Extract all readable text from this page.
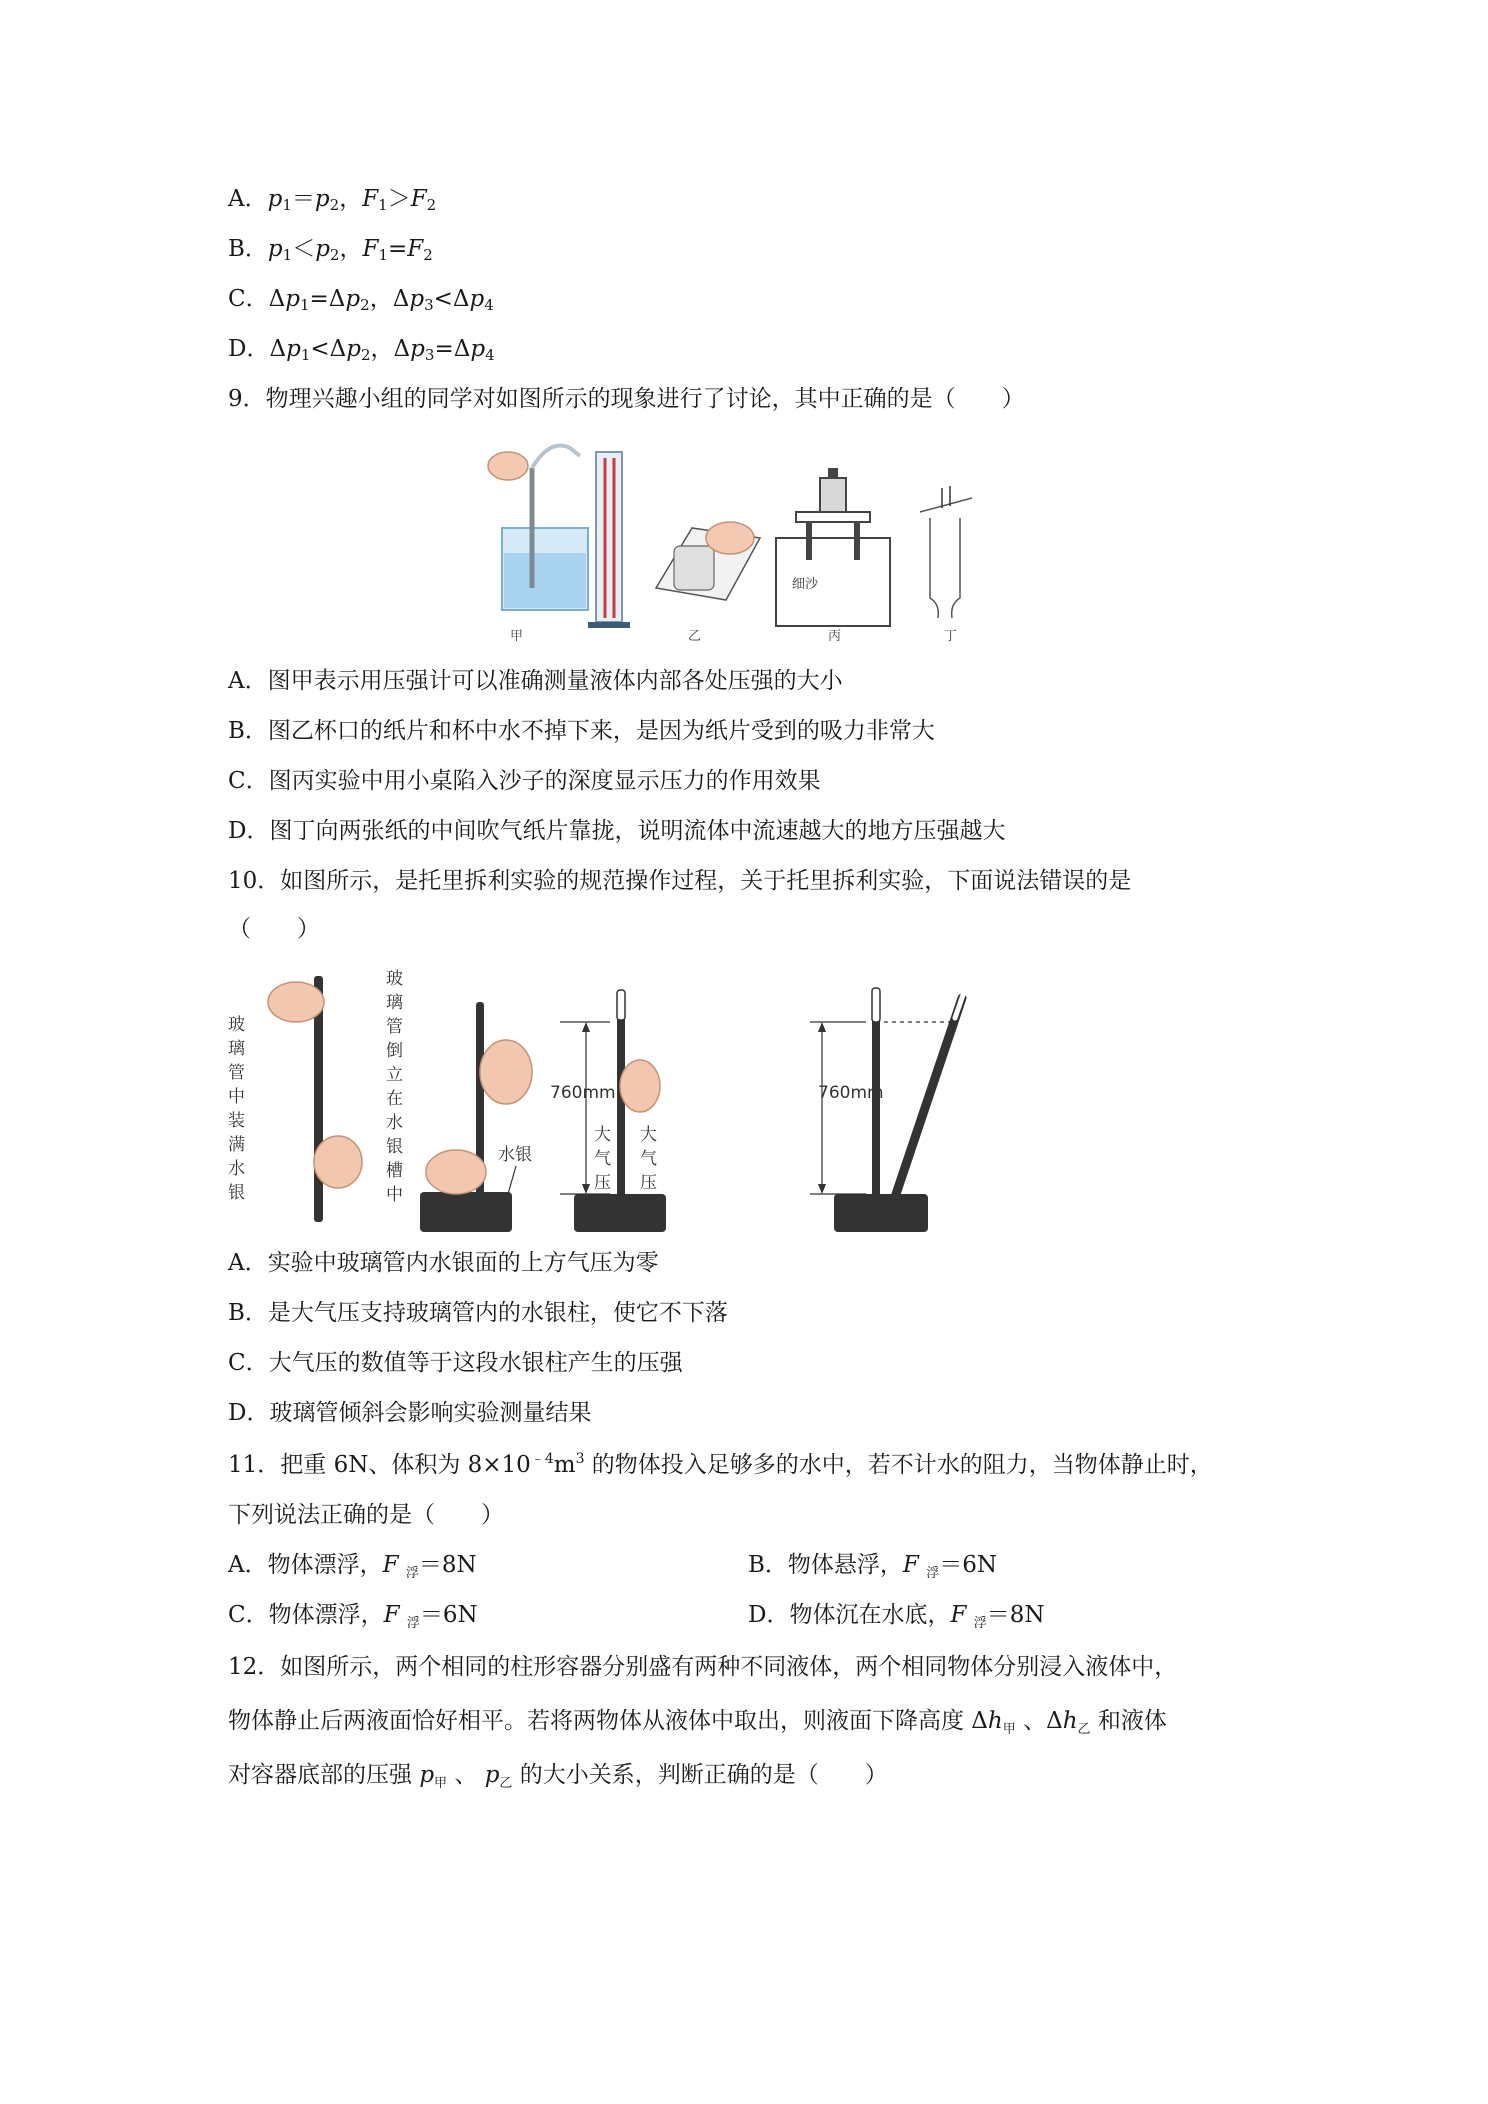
A．$p_1=p_2$，$F_1>F_2$
B．$p_1<p_2$，$F_1=F_2$
C．$\Delta p_1=\Delta p_2$，$\Delta p_3<\Delta p_4$
D．$\Delta p_1<\Delta p_2$，$\Delta p_3=\Delta p_4$
9．物理兴趣小组的同学对如图所示的现象进行了讨论，其中正确的是（　　）
细沙
甲	乙	丙	丁
A．图甲表示用压强计可以准确测量液体内部各处压强的大小
B．图乙杯口的纸片和杯中水不掉下来，是因为纸片受到的吸力非常大
C．图丙实验中用小桌陷入沙子的深度显示压力的作用效果
D．图丁向两张纸的中间吹气纸片靠拢，说明流体中流速越大的地方压强越大
10．如图所示，是托里拆利实验的规范操作过程，关于托里拆利实验，下面说法错误的是
（　　）
玻
璃
管
中
装
满
水
银
玻
璃
管
倒
立
在
水
银
槽
中
水银
760mm
大
气
压
大
气
压
760mm
A．实验中玻璃管内水银面的上方气压为零
B．是大气压支持玻璃管内的水银柱，使它不下落
C．大气压的数值等于这段水银柱产生的压强
D．玻璃管倾斜会影响实验测量结果
11．把重 6N、体积为 $8\times 10^{﹣4}m^3$ 的物体投入足够多的水中，若不计水的阻力，当物体静止时，
下列说法正确的是（　　）
A．物体漂浮，F $_浮$＝8N	B．物体悬浮，F $_浮$＝6N
C．物体漂浮，F $_浮$＝6N	D．物体沉在水底，F $_浮$＝8N
12．如图所示，两个相同的柱形容器分别盛有两种不同液体，两个相同物体分别浸入液体中，
物体静止后两液面恰好相平。若将两物体从液体中取出，则液面下降高度 $\Delta h_甲$ 、$\Delta h_乙$ 和液体
对容器底部的压强 $p_甲$ 、 $p_乙$ 的大小关系，判断正确的是（　　）
